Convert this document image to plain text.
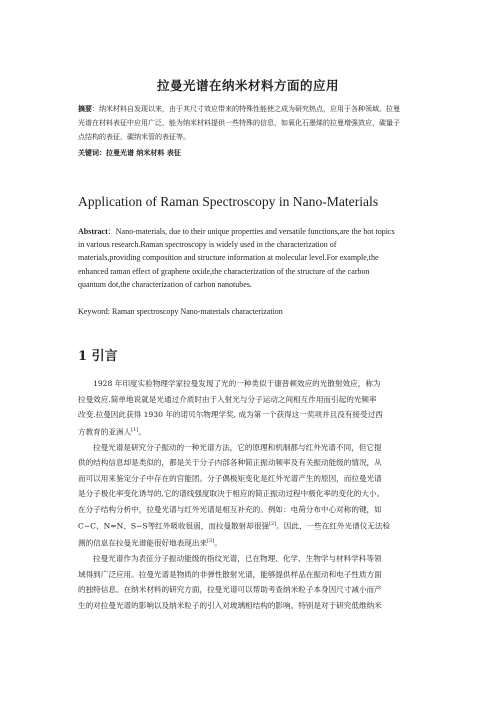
拉曼光谱在纳米材料方面的应用
摘要：纳米材料自发现以来，由于其尺寸效应带来的特殊性能使之成为研究热点，应用于各种领域。拉曼
光谱在材料表征中应用广泛，能为纳米材料提供一些特殊的信息，如氧化石墨烯的拉曼增强效应，碳量子
点结构的表征，碳纳米管的表征等。
关键词：拉曼光谱 纳米材料 表征
Application of Raman Spectroscopy in Nano-Materials
Abstract：Nano-materials, due to their unique properties and versatile functions,are the hot topics
in various research.Raman spectroscopy is widely used in the characterization of
materials,providing composition and structure information at molecular level.For example,the
enhanced raman effect of graphene oxide,the characterization of the structure of the carbon
quantum dot,the characterization of carbon nanotubes.
Keyword: Raman spectroscopy Nano-materials characterization
1 引言
1928 年印度实验物理学家拉曼发现了光的一种类似于康普顿效应的光散射效应，称为
拉曼效应.简单地说就是光通过介质时由于入射光与分子运动之间相互作用而引起的光频率
改变.拉曼因此获得 1930 年的诺贝尔物理学奖, 成为第一个获得这一奖项并且没有接受过西
方教育的亚洲人[1]。
拉曼光谱是研究分子振动的一种光谱方法，它的原理和机制都与红外光谱不同，但它提
供的结构信息却是类似的，都是关于分子内部各种简正振动频率及有关振动能级的情况，从
而可以用来鉴定分子中存在的官能团。分子偶极矩变化是红外光谱产生的原因，而拉曼光谱
是分子极化率变化诱导的,它的谱线强度取决于相应的简正振动过程中极化率的变化的大小。
在分子结构分析中，拉曼光谱与红外光谱是相互补充的。例如：电荷分布中心对称的键，如
C−C、N=N、S−S等红外吸收很弱，而拉曼散射却很强[2]。因此，一些在红外光谱仪无法检
测的信息在拉曼光谱能很好地表现出来[3]。
拉曼光谱作为表征分子振动能级的指纹光谱，已在物理、化学、生物学与材料学科等领
域得到广泛应用。拉曼光谱是物质的非弹性散射光谱，能够提供样品在振动和电子性质方面
的独特信息。在纳米材料的研究方面，拉曼光谱可以帮助考查纳米粒子本身因尺寸减小而产
生的对拉曼光谱的影响以及纳米粒子的引入对玻璃相结构的影响。特别是对于研究低维纳米
